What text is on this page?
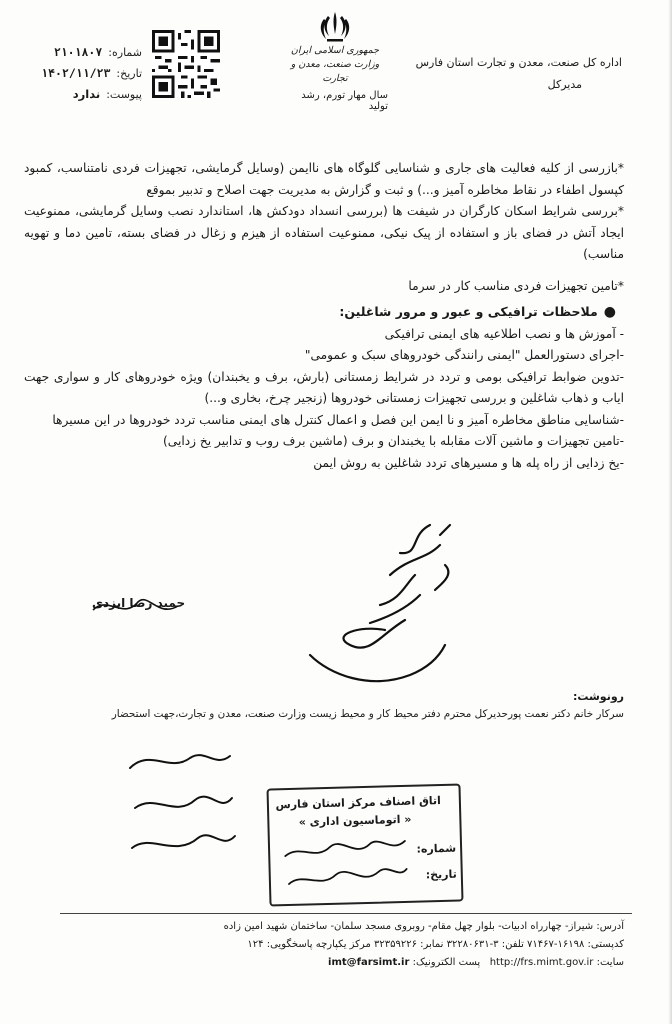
اداره کل صنعت، معدن و تجارت استان فارس
مدیرکل
جمهوری اسلامی ایران
وزارت صنعت، معدن و تجارت
سال مهار تورم، رشد تولید
شماره:
۲۱۰۱۸۰۷
تاریخ:
۱۴۰۲/۱۱/۲۳
پیوست:
ندارد

*بازرسی از کلیه فعالیت های جاری و شناسایی گلوگاه های ناایمن (وسایل گرمایشی، تجهیزات فردی نامتناسب، کمبود کپسول اطفاء در نقاط مخاطره آمیز و...) و ثبت و گزارش به مدیریت جهت اصلاح و تدبیر بموقع

*بررسی شرایط اسکان کارگران در شیفت ها (بررسی انسداد دودکش ها، استاندارد نصب وسایل گرمایشی، ممنوعیت ایجاد آتش در فضای باز و استفاده از پیک نیکی، ممنوعیت استفاده از هیزم و زغال در فضای بسته، تامین دما و تهویه مناسب)

*تامین تجهیزات فردی مناسب کار در سرما

●ملاحظات ترافیکی و عبور و مرور شاغلین:

- آموزش ها و نصب اطلاعیه های ایمنی ترافیکی

-اجرای دستورالعمل "ایمنی رانندگی خودروهای سبک و عمومی"

-تدوین ضوابط ترافیکی بومی و تردد در شرایط زمستانی (بارش، برف و یخبندان) ویژه خودروهای کار و سواری جهت ایاب و ذهاب شاغلین و بررسی تجهیزات زمستانی خودروها (زنجیر چرخ، بخاری و...)

-شناسایی مناطق مخاطره آمیز و نا ایمن این فصل و اعمال کنترل های ایمنی مناسب تردد خودروها در این مسیرها

-تامین تجهیزات و ماشین آلات مقابله با یخبندان و برف (ماشین برف روب و تدابیر یخ زدایی)

-یخ زدایی از راه پله ها و مسیرهای تردد شاغلین به روش ایمن

حمید رضا ایزدی
رونوشت:
سرکار خانم دکتر نعمت پورحدیرکل محترم دفتر محیط کار و محیط زیست وزارت صنعت، معدن و تجارت،جهت استحضار
اتاق اصناف مرکز استان فارس
« اتوماسیون اداری »
شماره:
تاریخ:
آدرس: شیراز- چهارراه ادبیات- بلوار چهل مقام- روبروی مسجد سلمان- ساختمان شهید امین زاده
کدپستی: ۱۶۱۹۸-۷۱۴۶۷ تلفن: ۳-۳۲۲۸۰۶۳۱ نمابر: ۳۲۳۵۹۲۲۶ مرکز یکپارچه پاسخگویی: ۱۲۴
سایت: http://frs.mimt.gov.ir   پست الکترونیک: imt@farsimt.ir
